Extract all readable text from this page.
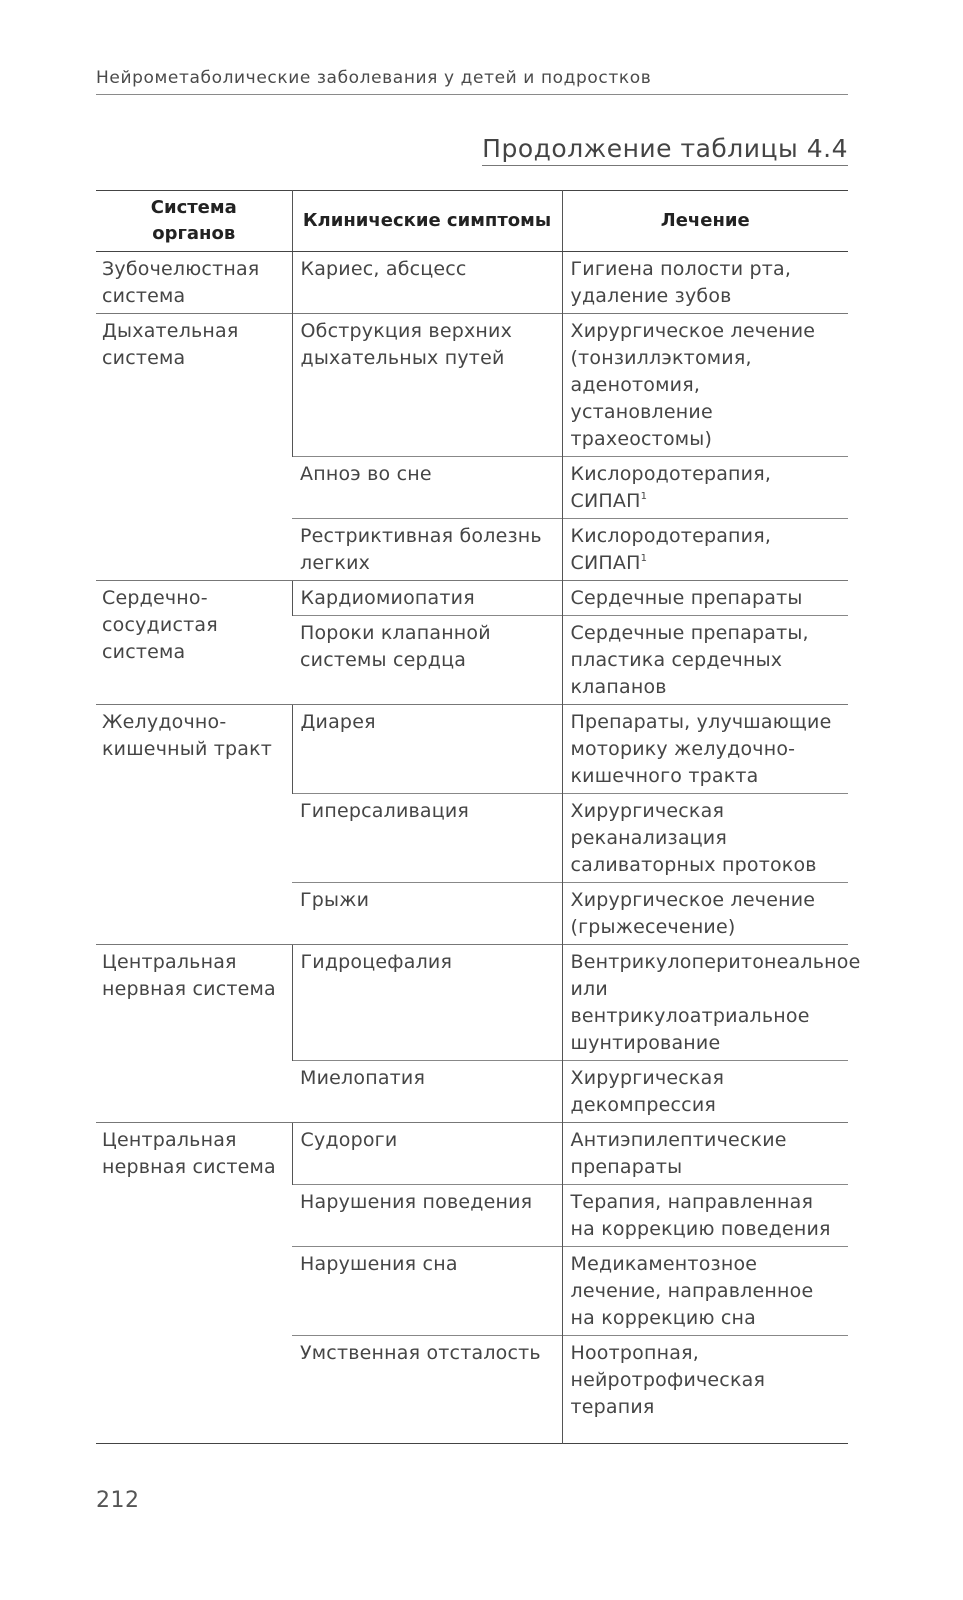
Нейрометаболические заболевания у детей и подростков
Продолжение таблицы 4.4
Система органов	Клинические симптомы	Лечение
Зубочелюстная система	Кариес, абсцесс	Гигиена полости рта, удаление зубов
Дыхательная система	Обструкция верхних дыхательных путей	Хирургическое лечение (тонзиллэктомия, аденотомия, установление трахеостомы)
	Апноэ во сне	Кислородотерапия, СИПАП$^1$
	Рестриктивная болезнь легких	Кислородотерапия, СИПАП$^1$
Сердечно-сосудистая система	Кардиомиопатия	Сердечные препараты
	Пороки клапанной системы сердца	Сердечные препараты, пластика сердечных клапанов
Желудочно-кишечный тракт	Диарея	Препараты, улучшающие моторику желудочно-кишечного тракта
	Гиперсаливация	Хирургическая реканализация саливаторных протоков
	Грыжи	Хирургическое лечение (грыжесечение)
Центральная нервная система	Гидроцефалия	Вентрикулоперитонеальное или вентрикулоатриальное шунтирование
	Миелопатия	Хирургическая декомпрессия
Центральная нервная система	Судороги	Антиэпилептические препараты
	Нарушения поведения	Терапия, направленная на коррекцию поведения
	Нарушения сна	Медикаментозное лечение, направленное на коррекцию сна
	Умственная отсталость	Ноотропная, нейротрофическая терапия
212
